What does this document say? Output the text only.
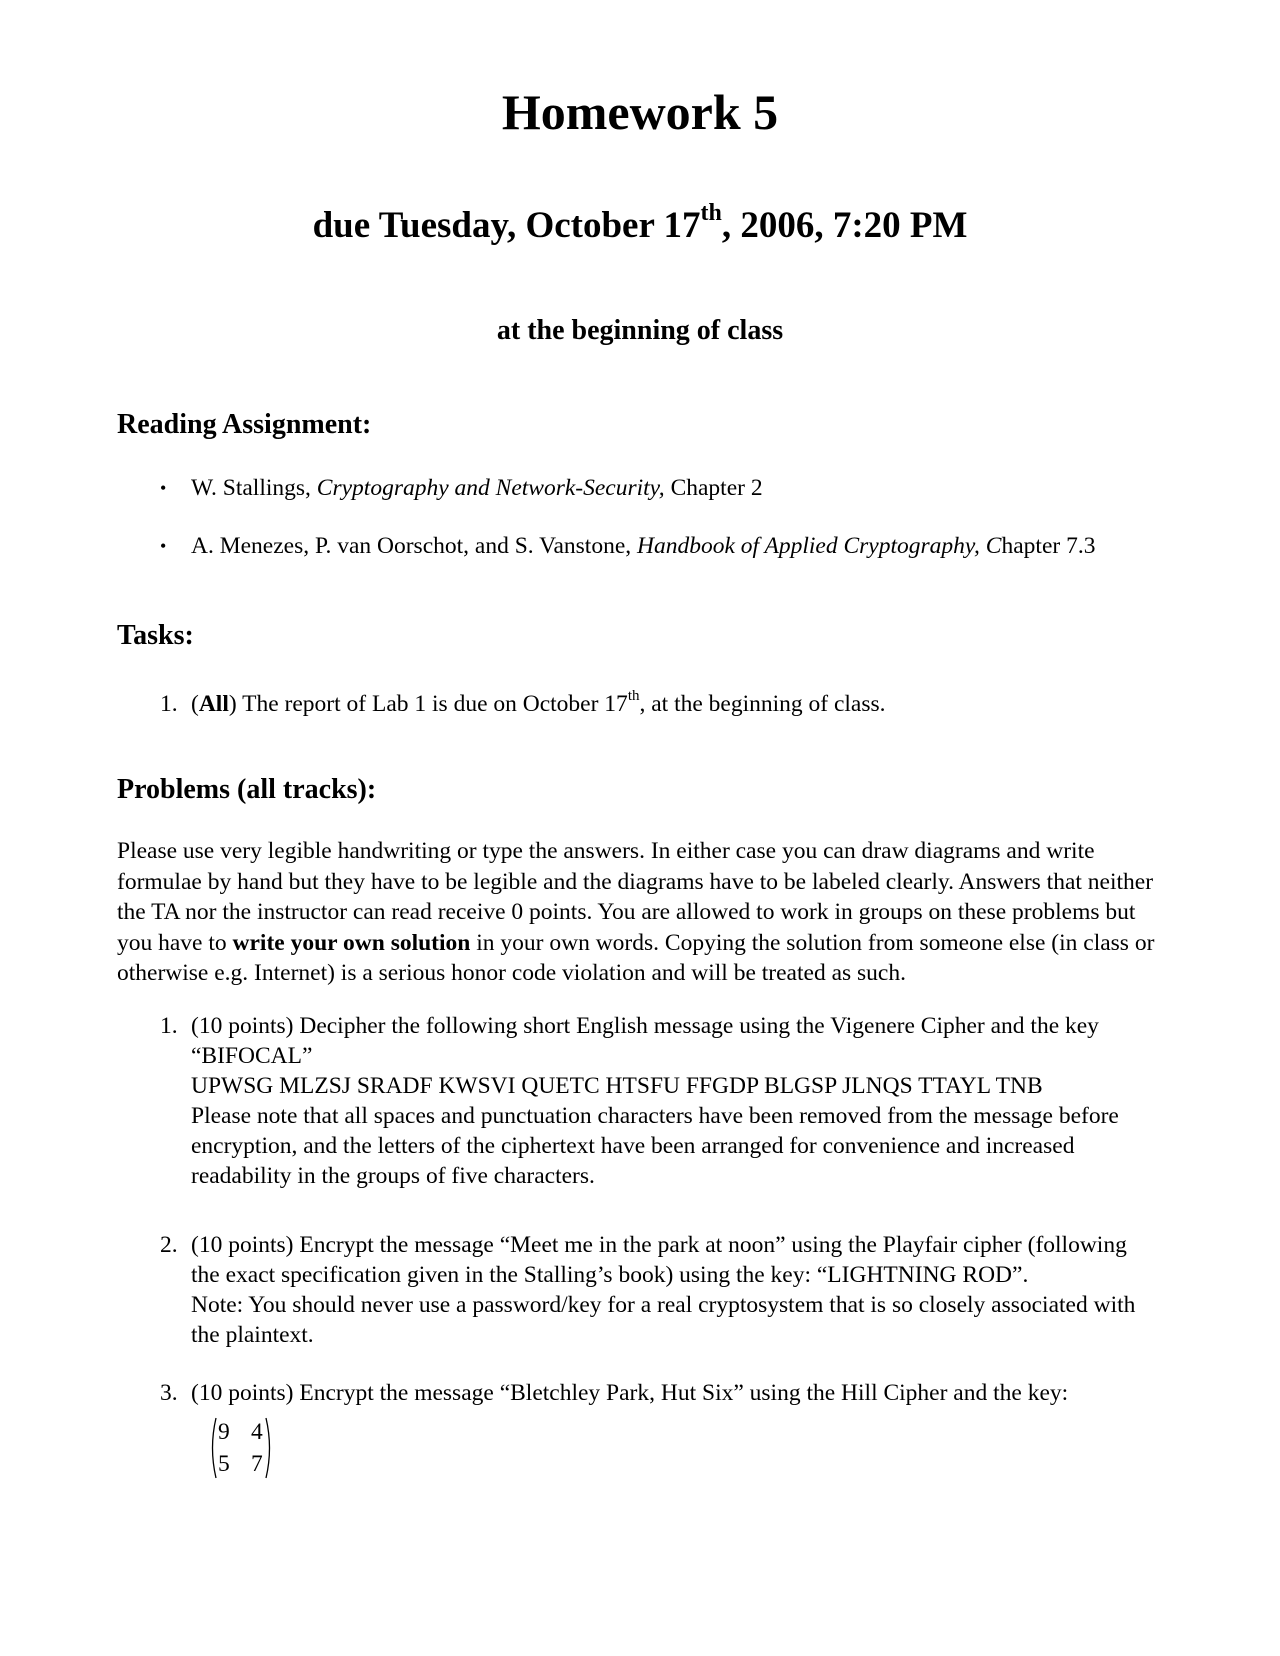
Homework 5
due Tuesday, October 17th, 2006, 7:20 PM
at the beginning of class
Reading Assignment:
• W. Stallings, Cryptography and Network-Security, Chapter 2
• A. Menezes, P. van Oorschot, and S. Vanstone, Handbook of Applied Cryptography, Chapter 7.3
Tasks:
1. (All) The report of Lab 1 is due on October 17th, at the beginning of class.
Problems (all tracks):
Please use very legible handwriting or type the answers. In either case you can draw diagrams and write
formulae by hand but they have to be legible and the diagrams have to be labeled clearly. Answers that neither
the TA nor the instructor can read receive 0 points. You are allowed to work in groups on these problems but
you have to write your own solution in your own words. Copying the solution from someone else (in class or
otherwise e.g. Internet) is a serious honor code violation and will be treated as such.
1. (10 points) Decipher the following short English message using the Vigenere Cipher and the key
“BIFOCAL”
UPWSG MLZSJ SRADF KWSVI QUETC HTSFU FFGDP BLGSP JLNQS TTAYL TNB
Please note that all spaces and punctuation characters have been removed from the message before
encryption, and the letters of the ciphertext have been arranged for convenience and increased
readability in the groups of five characters.
2. (10 points) Encrypt the message “Meet me in the park at noon” using the Playfair cipher (following
the exact specification given in the Stalling’s book) using the key: “LIGHTNING ROD”.
Note: You should never use a password/key for a real cryptosystem that is so closely associated with
the plaintext.
3. (10 points) Encrypt the message “Bletchley Park, Hut Six” using the Hill Cipher and the key:
9 4
5 7
